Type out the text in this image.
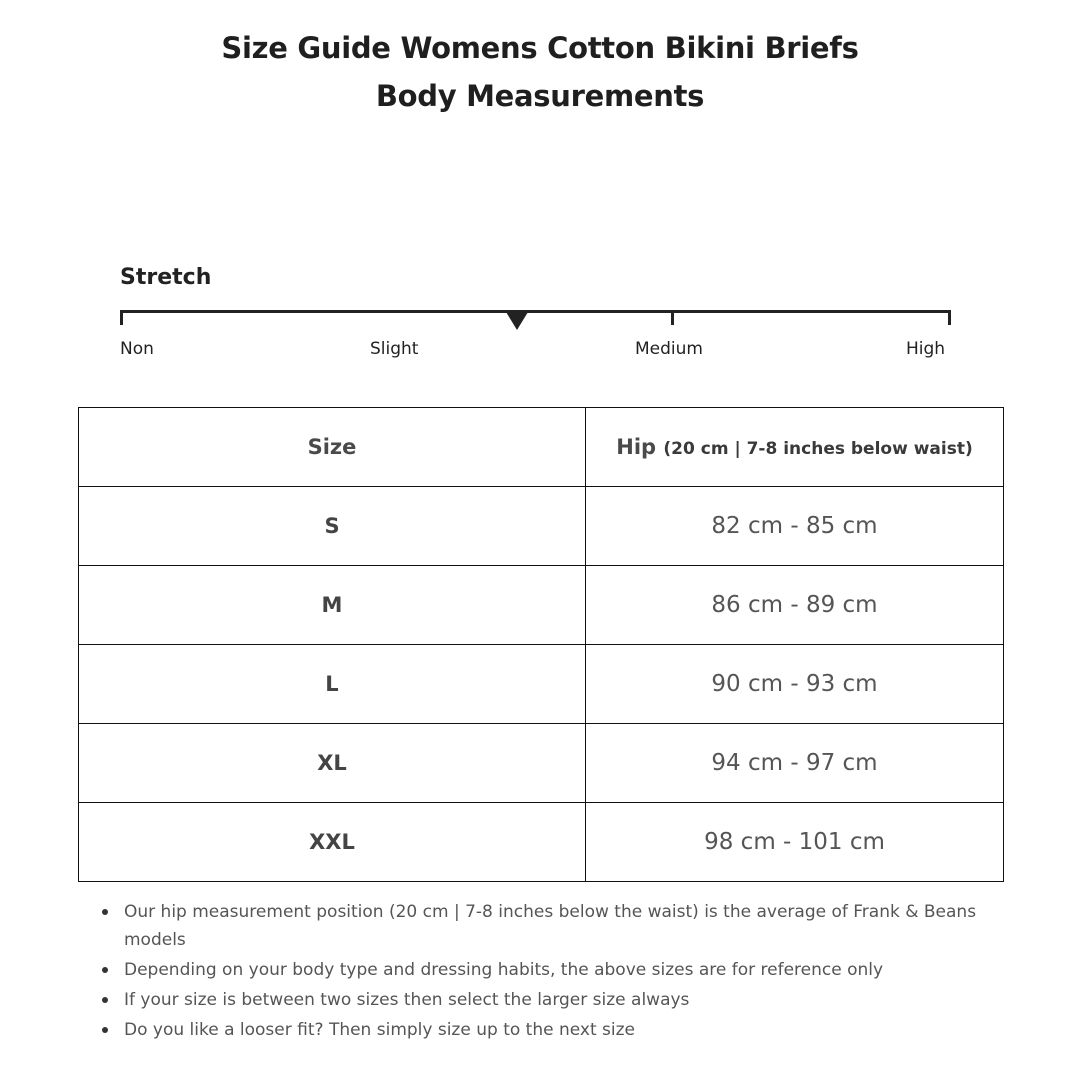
Size Guide Womens Cotton Bikini Briefs
Body Measurements
Stretch
Non	Slight	Medium	High
Size	Hip (20 cm | 7-8 inches below waist)
S	82 cm - 85 cm
M	86 cm - 89 cm
L	90 cm - 93 cm
XL	94 cm - 97 cm
XXL	98 cm - 101 cm
Our hip measurement position (20 cm | 7-8 inches below the waist) is the average of Frank & Beans models
Depending on your body type and dressing habits, the above sizes are for reference only
If your size is between two sizes then select the larger size always
Do you like a looser fit? Then simply size up to the next size
